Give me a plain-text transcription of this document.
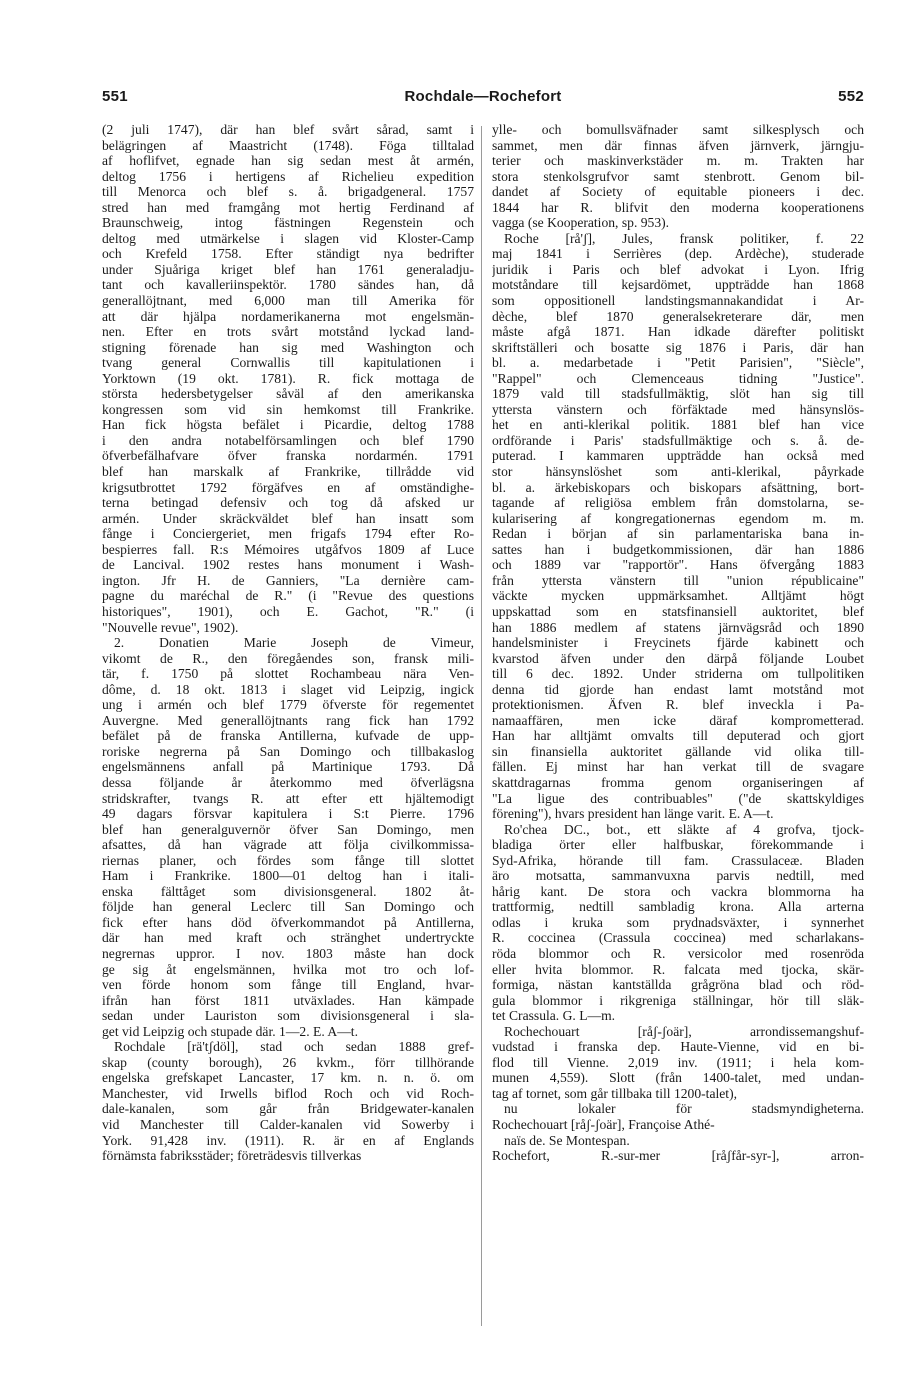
551	Rochdale—Rochefort	552
(2 juli 1747), där han blef svårt sårad, samt i
belägringen af Maastricht (1748). Föga tilltalad
af hoflifvet, egnade han sig sedan mest åt armén,
deltog 1756 i hertigens af Richelieu expedition
till Menorca och blef s. å. brigadgeneral. 1757
stred han med framgång mot hertig Ferdinand af
Braunschweig, intog fästningen Regenstein och
deltog med utmärkelse i slagen vid Kloster-Camp
och Krefeld 1758. Efter ständigt nya bedrifter
under Sjuåriga kriget blef han 1761 generaladju-
tant och kavalleriinspektör. 1780 sändes han, då
generallöjtnant, med 6,000 man till Amerika för
att där hjälpa nordamerikanerna mot engelsmän-
nen. Efter en trots svårt motstånd lyckad land-
stigning förenade han sig med Washington och
tvang general Cornwallis till kapitulationen i
Yorktown (19 okt. 1781). R. fick mottaga de
största hedersbetygelser såväl af den amerikanska
kongressen som vid sin hemkomst till Frankrike.
Han fick högsta befälet i Picardie, deltog 1788
i den andra notabelförsamlingen och blef 1790
öfverbefälhafvare öfver franska nordarmén. 1791
blef han marskalk af Frankrike, tillrådde vid
krigsutbrottet 1792 förgäfves en af omständighe-
terna betingad defensiv och tog då afsked ur
armén. Under skräckväldet blef han insatt som
fånge i Conciergeriet, men frigafs 1794 efter Ro-
bespierres fall. R:s Mémoires utgåfvos 1809 af Luce
de Lancival. 1902 restes hans monument i Wash-
ington. Jfr H. de Ganniers, "La dernière cam-
pagne du maréchal de R." (i "Revue des questions
historiques", 1901), och E. Gachot, "R." (i
"Nouvelle revue", 1902).
2. Donatien Marie Joseph de Vimeur,
vikomt de R., den föregåendes son, fransk mili-
tär, f. 1750 på slottet Rochambeau nära Ven-
dôme, d. 18 okt. 1813 i slaget vid Leipzig, ingick
ung i armén och blef 1779 öfverste för regementet
Auvergne. Med generallöjtnants rang fick han 1792
befälet på de franska Antillerna, kufvade de upp-
roriske negrerna på San Domingo och tillbakaslog
engelsmännens anfall på Martinique 1793. Då
dessa följande år återkommo med öfverlägsna
stridskrafter, tvangs R. att efter ett hjältemodigt
49 dagars försvar kapitulera i S:t Pierre. 1796
blef han generalguvernör öfver San Domingo, men
afsattes, då han vägrade att följa civilkommissa-
riernas planer, och fördes som fånge till slottet
Ham i Frankrike. 1800—01 deltog han i itali-
enska fälttåget som divisionsgeneral. 1802 åt-
följde han general Leclerc till San Domingo och
fick efter hans död öfverkommandot på Antillerna,
där han med kraft och stränghet undertryckte
negrernas uppror. I nov. 1803 måste han dock
ge sig åt engelsmännen, hvilka mot tro och lof-
ven förde honom som fånge till England, hvar-
ifrån han först 1811 utväxlades. Han kämpade
sedan under Lauriston som divisionsgeneral i sla-
get vid Leipzig och stupade där. 1—2. E. A—t.
Rochdale [rä'tʃdöl], stad och sedan 1888 gref-
skap (county borough), 26 kvkm., förr tillhörande
engelska grefskapet Lancaster, 17 km. n. n. ö. om
Manchester, vid Irwells biflod Roch och vid Roch-
dale-kanalen, som går från Bridgewater-kanalen
vid Manchester till Calder-kanalen vid Sowerby i
York. 91,428 inv. (1911). R. är en af Englands
förnämsta fabriksstäder; företrädesvis tillverkas
ylle- och bomullsväfnader samt silkesplysch och
sammet, men där finnas äfven järnverk, järngju-
terier och maskinverkstäder m. m. Trakten har
stora stenkolsgrufvor samt stenbrott. Genom bil-
dandet af Society of equitable pioneers i dec.
1844 har R. blifvit den moderna kooperationens
vagga (se Kooperation, sp. 953).
Roche [rå'ʃ], Jules, fransk politiker, f. 22
maj 1841 i Serrières (dep. Ardèche), studerade
juridik i Paris och blef advokat i Lyon. Ifrig
motståndare till kejsardömet, uppträdde han 1868
som oppositionell landstingsmannakandidat i Ar-
dèche, blef 1870 generalsekreterare där, men
måste afgå 1871. Han idkade därefter politiskt
skriftställeri och bosatte sig 1876 i Paris, där han
bl. a. medarbetade i "Petit Parisien", "Siècle",
"Rappel" och Clemenceaus tidning "Justice".
1879 vald till stadsfullmäktig, slöt han sig till
yttersta vänstern och förfäktade med hänsynslös-
het en anti-klerikal politik. 1881 blef han vice
ordförande i Paris' stadsfullmäktige och s. å. de-
puterad. I kammaren uppträdde han också med
stor hänsynslöshet som anti-klerikal, påyrkade
bl. a. ärkebiskopars och biskopars afsättning, bort-
tagande af religiösa emblem från domstolarna, se-
kularisering af kongregationernas egendom m. m.
Redan i början af sin parlamentariska bana in-
sattes han i budgetkommissionen, där han 1886
och 1889 var "rapportör". Hans öfvergång 1883
från yttersta vänstern till "union républicaine"
väckte mycken uppmärksamhet. Alltjämt högt
uppskattad som en statsfinansiell auktoritet, blef
han 1886 medlem af statens järnvägsråd och 1890
handelsminister i Freycinets fjärde kabinett och
kvarstod äfven under den därpå följande Loubet
till 6 dec. 1892. Under striderna om tullpolitiken
denna tid gjorde han endast lamt motstånd mot
protektionismen. Äfven R. blef inveckla i Pa-
namaaffären, men icke däraf komprometterad.
Han har alltjämt omvalts till deputerad och gjort
sin finansiella auktoritet gällande vid olika till-
fällen. Ej minst har han verkat till de svagare
skattdragarnas fromma genom organiseringen af
"La ligue des contribuables" ("de skattskyldiges
förening"), hvars president han länge varit. E. A—t.
Ro'chea DC., bot., ett släkte af 4 grofva, tjock-
bladiga örter eller halfbuskar, förekommande i
Syd-Afrika, hörande till fam. Crassulaceæ. Bladen
äro motsatta, sammanvuxna parvis nedtill, med
hårig kant. De stora och vackra blommorna ha
trattformig, nedtill sambladig krona. Alla arterna
odlas i kruka som prydnadsväxter, i synnerhet
R. coccinea (Crassula coccinea) med scharlakans-
röda blommor och R. versicolor med rosenröda
eller hvita blommor. R. falcata med tjocka, skär-
formiga, nästan kantställda grågröna blad och röd-
gula blommor i rikgreniga ställningar, hör till släk-
tet Crassula. G. L—m.
Rochechouart [råʃ-ʃoär], arrondissemangshuf-
vudstad i franska dep. Haute-Vienne, vid en bi-
flod till Vienne. 2,019 inv. (1911; i hela kom-
munen 4,559). Slott (från 1400-talet, med undan-
tag af tornet, som går tillbaka till 1200-talet),
nu lokaler för stadsmyndigheterna.
Rochechouart [råʃ-ʃoär], Françoise Athé-
naïs de. Se Montespan.
Rochefort, R.-sur-mer [råʃfår-syr-], arron-
